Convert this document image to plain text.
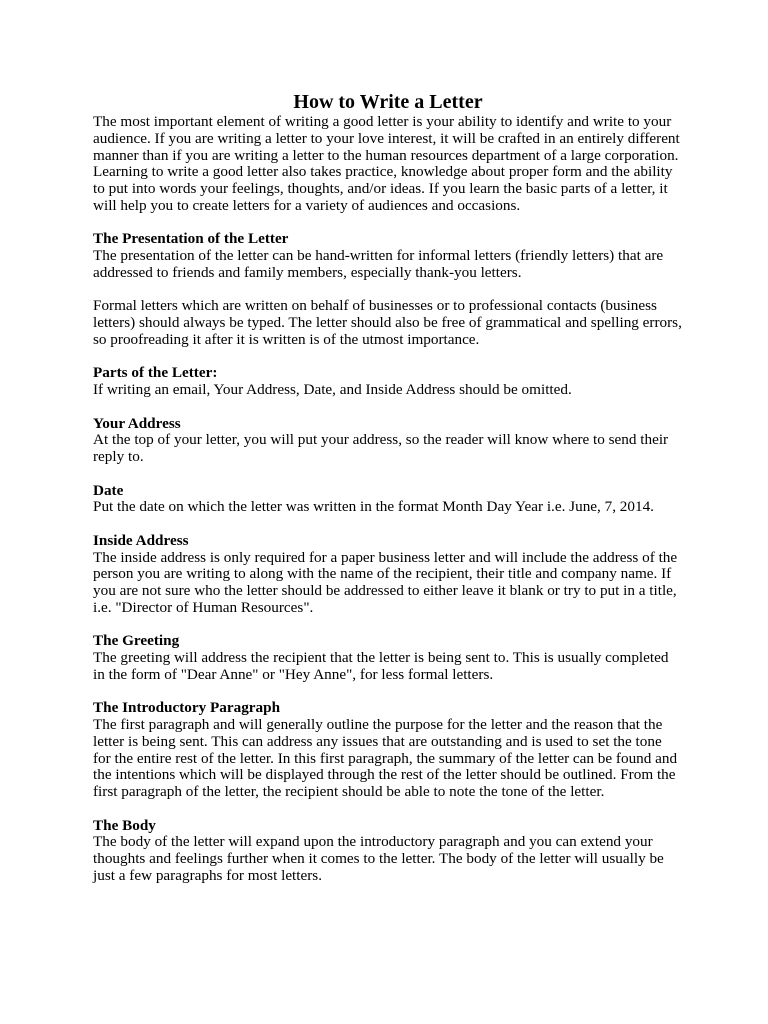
How to Write a Letter

The most important element of writing a good letter is your ability to identify and write to your audience. If you are writing a letter to your love interest, it will be crafted in an entirely different manner than if you are writing a letter to the human resources department of a large corporation. Learning to write a good letter also takes practice, knowledge about proper form and the ability to put into words your feelings, thoughts, and/or ideas. If you learn the basic parts of a letter, it will help you to create letters for a variety of audiences and occasions.

The Presentation of the Letter

The presentation of the letter can be hand-written for informal letters (friendly letters) that are addressed to friends and family members, especially thank-you letters.

Formal letters which are written on behalf of businesses or to professional contacts (business letters) should always be typed. The letter should also be free of grammatical and spelling errors, so proofreading it after it is written is of the utmost importance.

Parts of the Letter:

If writing an email, Your Address, Date, and Inside Address should be omitted.

Your Address

At the top of your letter, you will put your address, so the reader will know where to send their reply to.

Date

Put the date on which the letter was written in the format Month Day Year i.e. June, 7, 2014.

Inside Address

The inside address is only required for a paper business letter and will include the address of the person you are writing to along with the name of the recipient, their title and company name. If you are not sure who the letter should be addressed to either leave it blank or try to put in a title, i.e. "Director of Human Resources".

The Greeting

The greeting will address the recipient that the letter is being sent to. This is usually completed in the form of "Dear Anne" or "Hey Anne", for less formal letters.

The Introductory Paragraph

The first paragraph and will generally outline the purpose for the letter and the reason that the letter is being sent. This can address any issues that are outstanding and is used to set the tone for the entire rest of the letter. In this first paragraph, the summary of the letter can be found and the intentions which will be displayed through the rest of the letter should be outlined. From the first paragraph of the letter, the recipient should be able to note the tone of the letter.

The Body

The body of the letter will expand upon the introductory paragraph and you can extend your thoughts and feelings further when it comes to the letter. The body of the letter will usually be just a few paragraphs for most letters.
